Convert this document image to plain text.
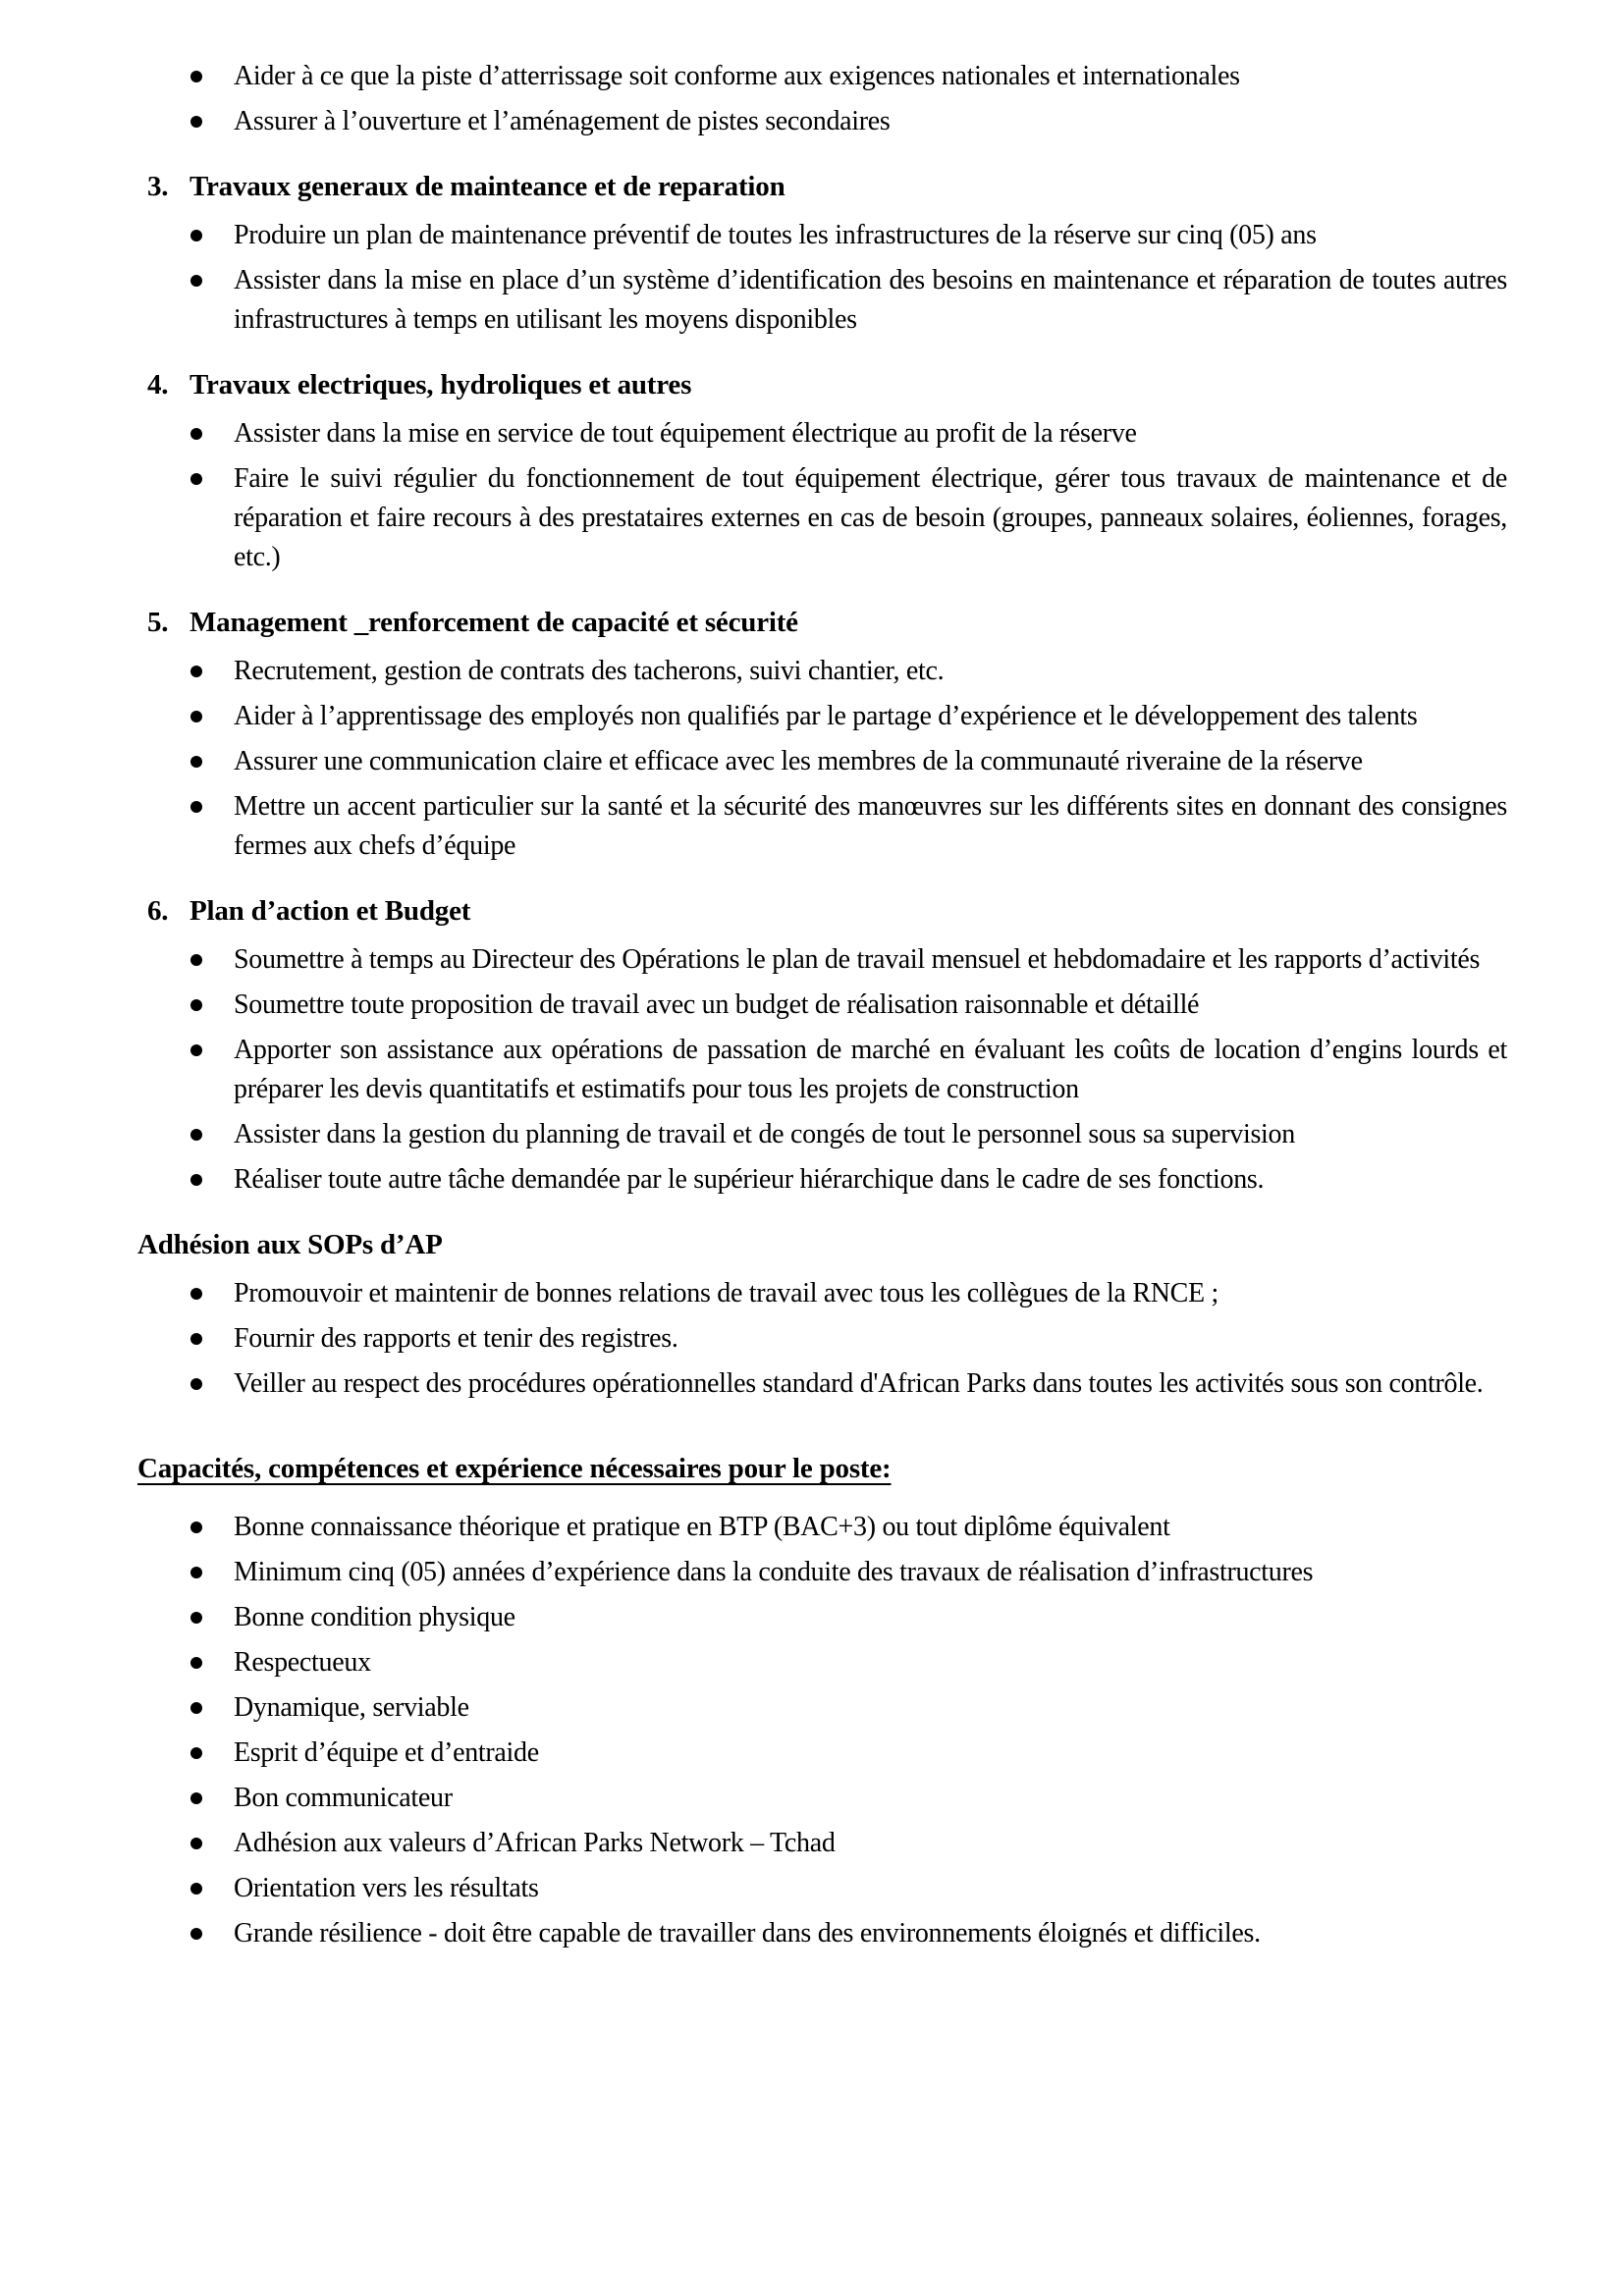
Aider à ce que la piste d’atterrissage soit conforme aux exigences nationales et internationales
Assurer à l’ouverture et l’aménagement de pistes secondaires
3. Travaux generaux de mainteance et de reparation
Produire un plan de maintenance préventif de toutes les infrastructures de la réserve sur cinq (05) ans
Assister dans la mise en place d’un système d’identification des besoins en maintenance et réparation de toutes autres infrastructures à temps en utilisant les moyens disponibles
4. Travaux electriques, hydroliques et autres
Assister dans la mise en service de tout équipement électrique au profit de la réserve
Faire le suivi régulier du fonctionnement de tout équipement électrique, gérer tous travaux de maintenance et de réparation et faire recours à des prestataires externes en cas de besoin (groupes, panneaux solaires, éoliennes, forages, etc.)
5. Management _renforcement de capacité et sécurité
Recrutement, gestion de contrats des tacherons, suivi chantier, etc.
Aider à l’apprentissage des employés non qualifiés par le partage d’expérience et le développement des talents
Assurer une communication claire et efficace avec les membres de la communauté riveraine de la réserve
Mettre un accent particulier sur la santé et la sécurité des manœuvres sur les différents sites en donnant des consignes fermes aux chefs d’équipe
6. Plan d’action et Budget
Soumettre à temps au Directeur des Opérations le plan de travail mensuel et hebdomadaire et les rapports d’activités
Soumettre toute proposition de travail avec un budget de réalisation raisonnable et détaillé
Apporter son assistance aux opérations de passation de marché en évaluant les coûts de location d’engins lourds et préparer les devis quantitatifs et estimatifs pour tous les projets de construction
Assister dans la gestion du planning de travail et de congés de tout le personnel sous sa supervision
Réaliser toute autre tâche demandée par le supérieur hiérarchique dans le cadre de ses fonctions.
Adhésion aux SOPs d’AP
Promouvoir et maintenir de bonnes relations de travail avec tous les collègues de la RNCE ;
Fournir des rapports et tenir des registres.
Veiller au respect des procédures opérationnelles standard d'African Parks dans toutes les activités sous son contrôle.
Capacités, compétences et expérience nécessaires pour le poste:
Bonne connaissance théorique et pratique en BTP (BAC+3) ou tout diplôme équivalent
Minimum cinq (05) années d’expérience dans la conduite des travaux de réalisation d’infrastructures
Bonne condition physique
Respectueux
Dynamique, serviable
Esprit d’équipe et d’entraide
Bon communicateur
Adhésion aux valeurs d’African Parks Network – Tchad
Orientation vers les résultats
Grande résilience - doit être capable de travailler dans des environnements éloignés et difficiles.
